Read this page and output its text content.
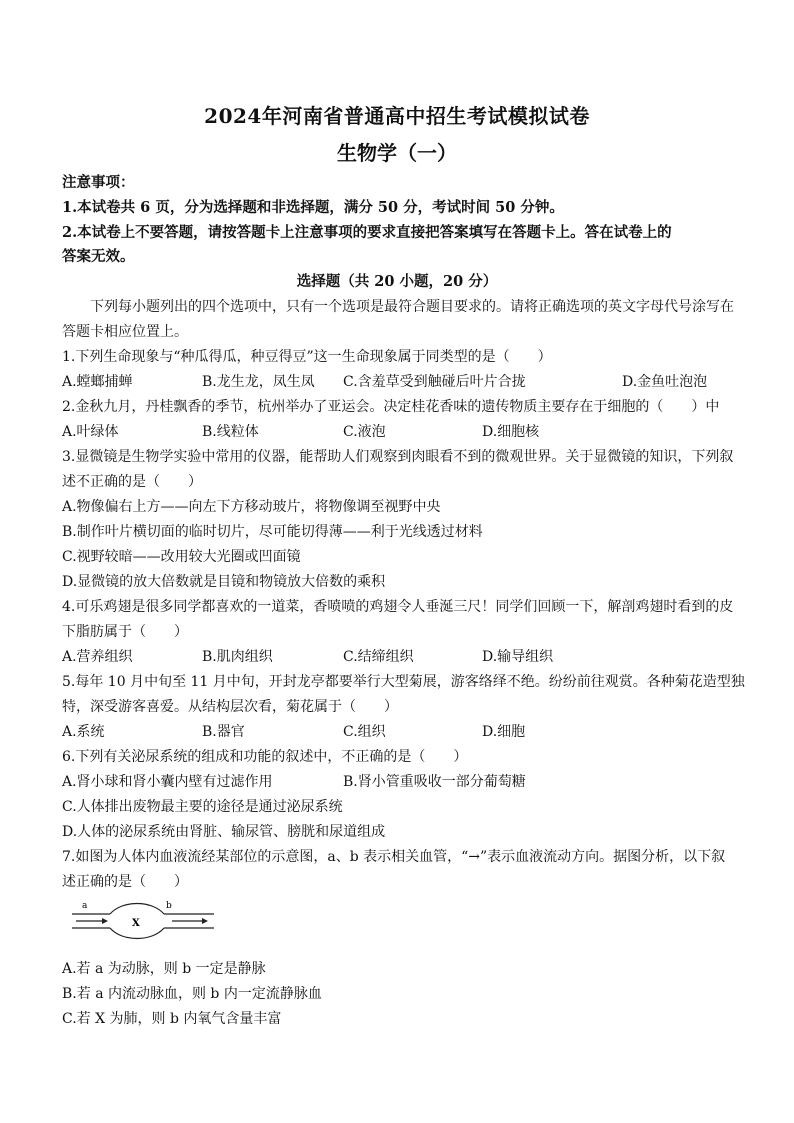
2024年河南省普通高中招生考试模拟试卷
生物学（一）
注意事项：
1.本试卷共 6 页，分为选择题和非选择题，满分 50 分，考试时间 50 分钟。
2.本试卷上不要答题，请按答题卡上注意事项的要求直接把答案填写在答题卡上。答在试卷上的
答案无效。
选择题（共 20 小题，20 分）
下列每小题列出的四个选项中，只有一个选项是最符合题目要求的。请将正确选项的英文字母代号涂写在
答题卡相应位置上。
1.下列生命现象与“种瓜得瓜，种豆得豆”这一生命现象属于同类型的是（　　）
A.螳螂捕蝉	B.龙生龙，凤生凤 C.含羞草受到触碰后叶片合拢	D.金鱼吐泡泡
2.金秋九月，丹桂飘香的季节，杭州举办了亚运会。决定桂花香味的遗传物质主要存在于细胞的（　　）中
A.叶绿体	B.线粒体	C.液泡	D.细胞核
3.显微镜是生物学实验中常用的仪器，能帮助人们观察到肉眼看不到的微观世界。关于显微镜的知识，下列叙
述不正确的是（　　）
A.物像偏右上方——向左下方移动玻片，将物像调至视野中央
B.制作叶片横切面的临时切片，尽可能切得薄——利于光线透过材料
C.视野较暗——改用较大光圈或凹面镜
D.显微镜的放大倍数就是目镜和物镜放大倍数的乘积
4.可乐鸡翅是很多同学都喜欢的一道菜，香喷喷的鸡翅令人垂涎三尺！同学们回顾一下，解剖鸡翅时看到的皮
下脂肪属于（　　）
A.营养组织	B.肌肉组织	C.结缔组织	D.输导组织
5.每年 10 月中旬至 11 月中旬，开封龙亭都要举行大型菊展，游客络绎不绝。纷纷前往观赏。各种菊花造型独
特，深受游客喜爱。从结构层次看，菊花属于（　　）
A.系统	B.器官	C.组织	D.细胞
6.下列有关泌尿系统的组成和功能的叙述中，不正确的是（　　）
A.肾小球和肾小囊内壁有过滤作用	B.肾小管重吸收一部分葡萄糖
C.人体排出废物最主要的途径是通过泌尿系统
D.人体的泌尿系统由肾脏、输尿管、膀胱和尿道组成
7.如图为人体内血液流经某部位的示意图，a、b 表示相关血管，“→”表示血液流动方向。据图分析，以下叙
述正确的是（　　）
a	b
X
A.若 a 为动脉，则 b 一定是静脉
B.若 a 内流动脉血，则 b 内一定流静脉血
C.若 X 为肺，则 b 内氧气含量丰富
